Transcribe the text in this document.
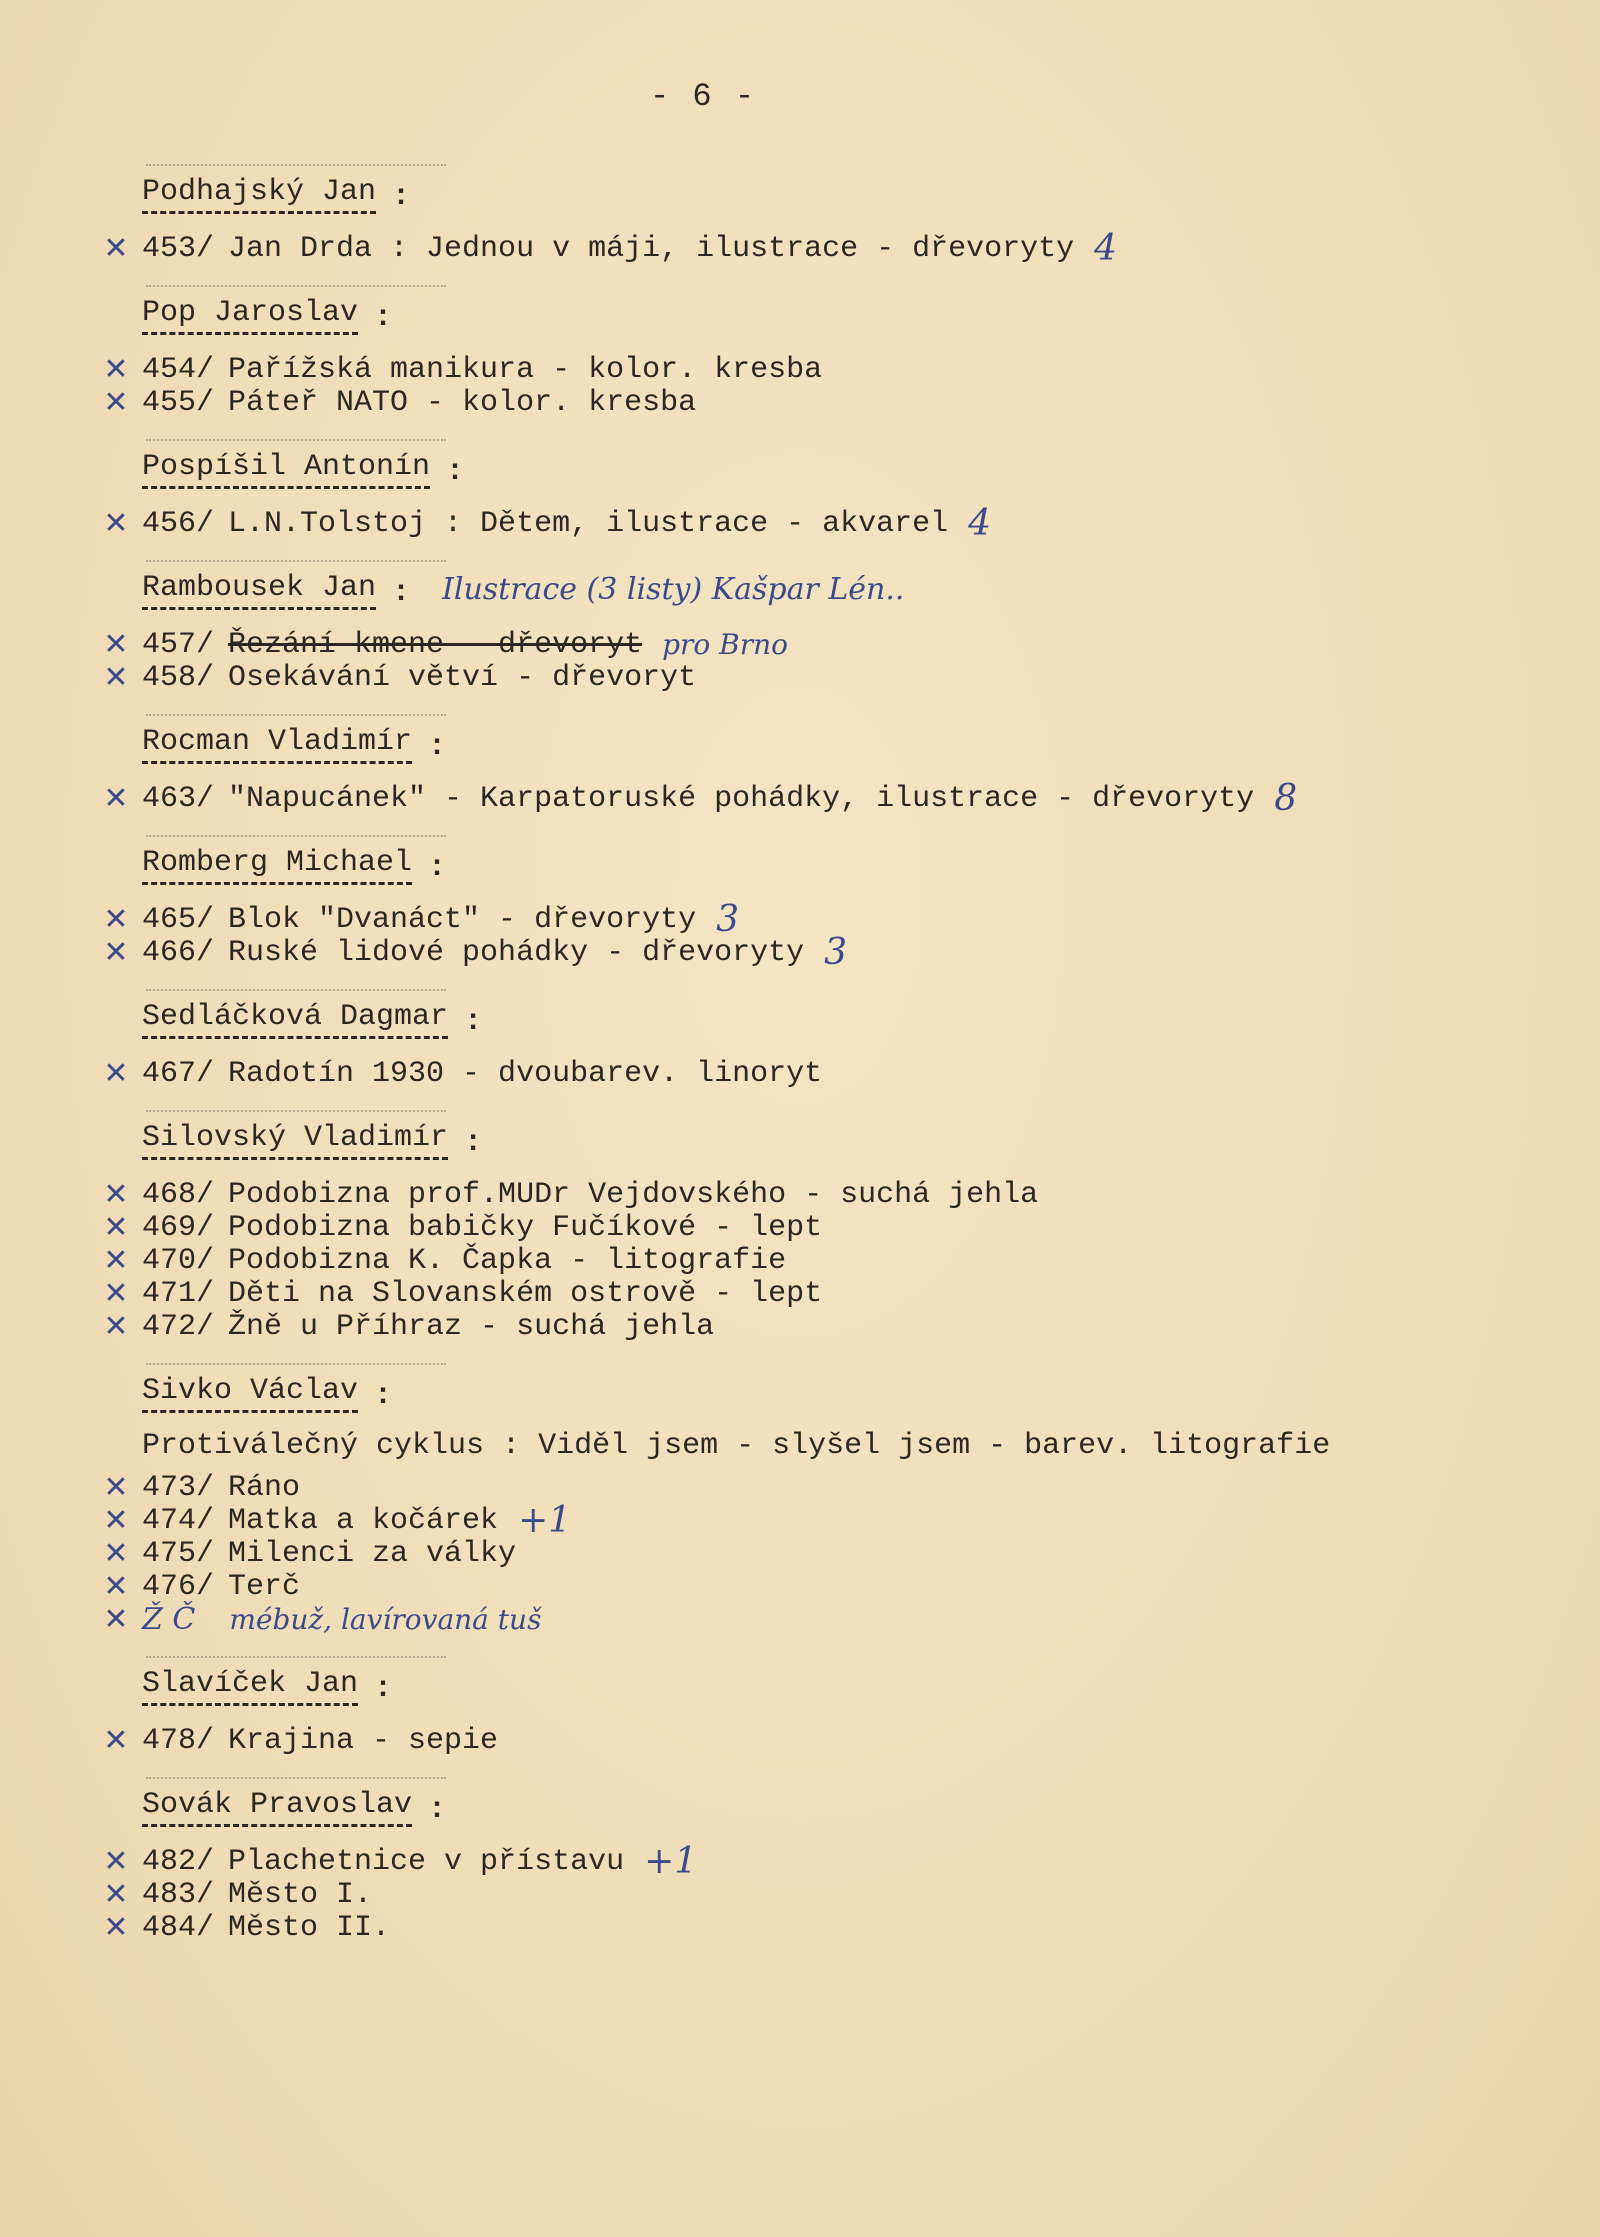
- 6 -
Podhajský Jan :
✕ 453/ Jan Drda : Jednou v máji, ilustrace - dřevoryty 4
Pop Jaroslav :
✕ 454/ Pařížská manikura - kolor. kresba
✕ 455/ Páteř NATO - kolor. kresba
Pospíšil Antonín :
✕ 456/ L.N.Tolstoj : Dětem, ilustrace - akvarel 4
Rambousek Jan : Ilustrace (3 listy) Kašpar Lén..
✕ 457/ Řezání kmene - dřevoryt pro Brno
✕ 458/ Osekávání větví - dřevoryt
Rocman Vladimír :
✕ 463/ "Napucánek" - Karpatoruské pohádky, ilustrace - dřevoryty 8
Romberg Michael :
✕ 465/ Blok "Dvanáct" - dřevoryty 3
✕ 466/ Ruské lidové pohádky - dřevoryty 3
Sedláčková Dagmar :
✕ 467/ Radotín 1930 - dvoubarev. linoryt
Silovský Vladimír :
✕ 468/ Podobizna prof.MUDr Vejdovského - suchá jehla
✕ 469/ Podobizna babičky Fučíkové - lept
✕ 470/ Podobizna K. Čapka - litografie
✕ 471/ Děti na Slovanském ostrově - lept
✕ 472/ Žně u Příhraz - suchá jehla
Sivko Václav :
Protiválečný cyklus : Viděl jsem - slyšel jsem - barev. litografie
✕ 473/ Ráno
✕ 474/ Matka a kočárek +1
✕ 475/ Milenci za války
✕ 476/ Terč
✕ Ž Č mébuž, lavírovaná tuš
Slavíček Jan :
✕ 478/ Krajina - sepie
Sovák Pravoslav :
✕ 482/ Plachetnice v přístavu +1
✕ 483/ Město I.
✕ 484/ Město II.
